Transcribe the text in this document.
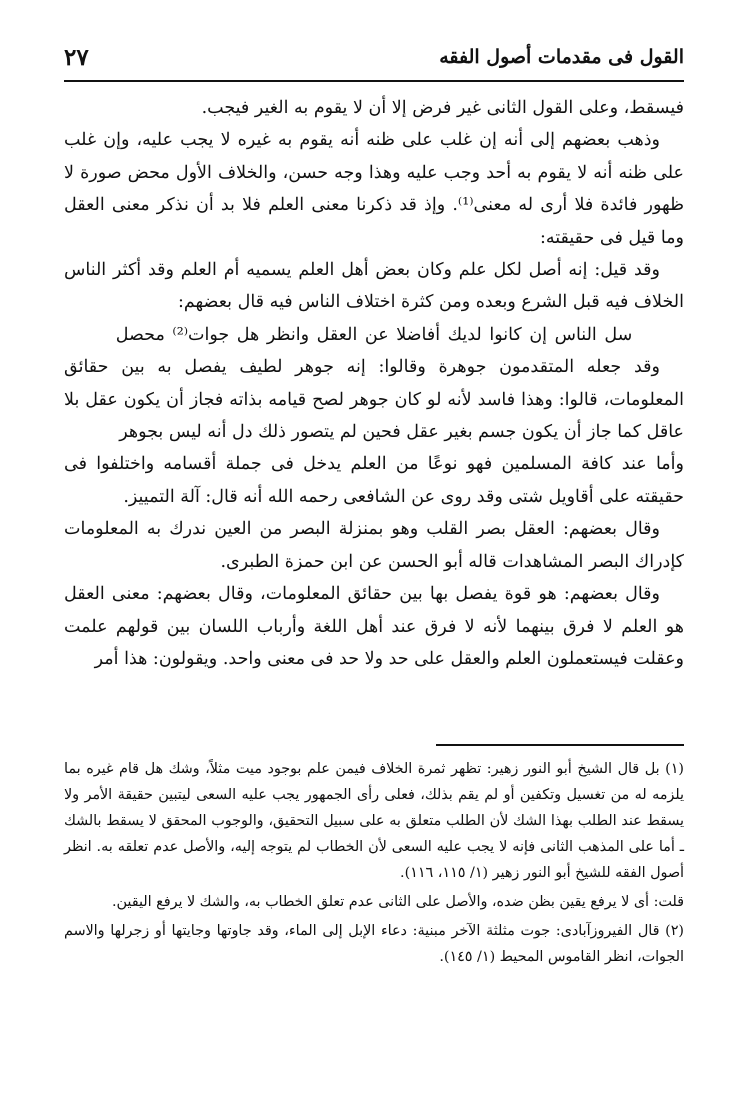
القول فى مقدمات أصول الفقه
٢٧

فيسقط، وعلى القول الثانى غير فرض إلا أن لا يقوم به الغير فيجب.

وذهب بعضهم إلى أنه إن غلب على ظنه أنه يقوم به غيره لا يجب عليه، وإن غلب على ظنه أنه لا يقوم به أحد وجب عليه وهذا وجه حسن، والخلاف الأول محض صورة لا ظهور فائدة فلا أرى له معنى⁽¹⁾. وإذ قد ذكرنا معنى العلم فلا بد أن نذكر معنى العقل وما قيل فى حقيقته:

وقد قيل: إنه أصل لكل علم وكان بعض أهل العلم يسميه أم العلم وقد أكثر الناس الخلاف فيه قبل الشرع وبعده ومن كثرة اختلاف الناس فيه قال بعضهم:

سل الناس إن كانوا لديك أفاضلا عن العقل وانظر هل جوات⁽²⁾ محصل

وقد جعله المتقدمون جوهرة وقالوا: إنه جوهر لطيف يفصل به بين حقائق المعلومات، قالوا: وهذا فاسد لأنه لو كان جوهر لصح قيامه بذاته فجاز أن يكون عقل بلا عاقل كما جاز أن يكون جسم بغير عقل فحين لم يتصور ذلك دل أنه ليس بجوهر

وأما عند كافة المسلمين فهو نوعًا من العلم يدخل فى جملة أقسامه واختلفوا فى حقيقته على أقاويل شتى وقد روى عن الشافعى رحمه الله أنه قال: آلة التمييز.

وقال بعضهم: العقل بصر القلب وهو بمنزلة البصر من العين ندرك به المعلومات كإدراك البصر المشاهدات قاله أبو الحسن عن ابن حمزة الطبرى.

وقال بعضهم: هو قوة يفصل بها بين حقائق المعلومات، وقال بعضهم: معنى العقل هو العلم لا فرق بينهما لأنه لا فرق عند أهل اللغة وأرباب اللسان بين قولهم علمت وعقلت فيستعملون العلم والعقل على حد ولا حد فى معنى واحد. ويقولون: هذا أمر

(١) بل قال الشيخ أبو النور زهير: تظهر ثمرة الخلاف فيمن علم بوجود ميت مثلاً، وشك هل قام غيره بما يلزمه له من تغسيل وتكفين أو لم يقم بذلك، فعلى رأى الجمهور يجب عليه السعى ليتبين حقيقة الأمر ولا يسقط عند الطلب بهذا الشك لأن الطلب متعلق به على سبيل التحقيق، والوجوب المحقق لا يسقط بالشك ـ أما على المذهب الثانى فإنه لا يجب عليه السعى لأن الخطاب لم يتوجه إليه، والأصل عدم تعلقه به. انظر أصول الفقه للشيخ أبو النور زهير (١/ ١١٥، ١١٦).

قلت: أى لا يرفع يقين بظن ضده، والأصل على الثانى عدم تعلق الخطاب به، والشك لا يرفع اليقين.

(٢) قال الفيروزآبادى: جوت مثلثة الآخر مبنية: دعاء الإبل إلى الماء، وقد جاوتها وجايتها أو زجرلها والاسم الجوات، انظر القاموس المحيط (١/ ١٤٥).
